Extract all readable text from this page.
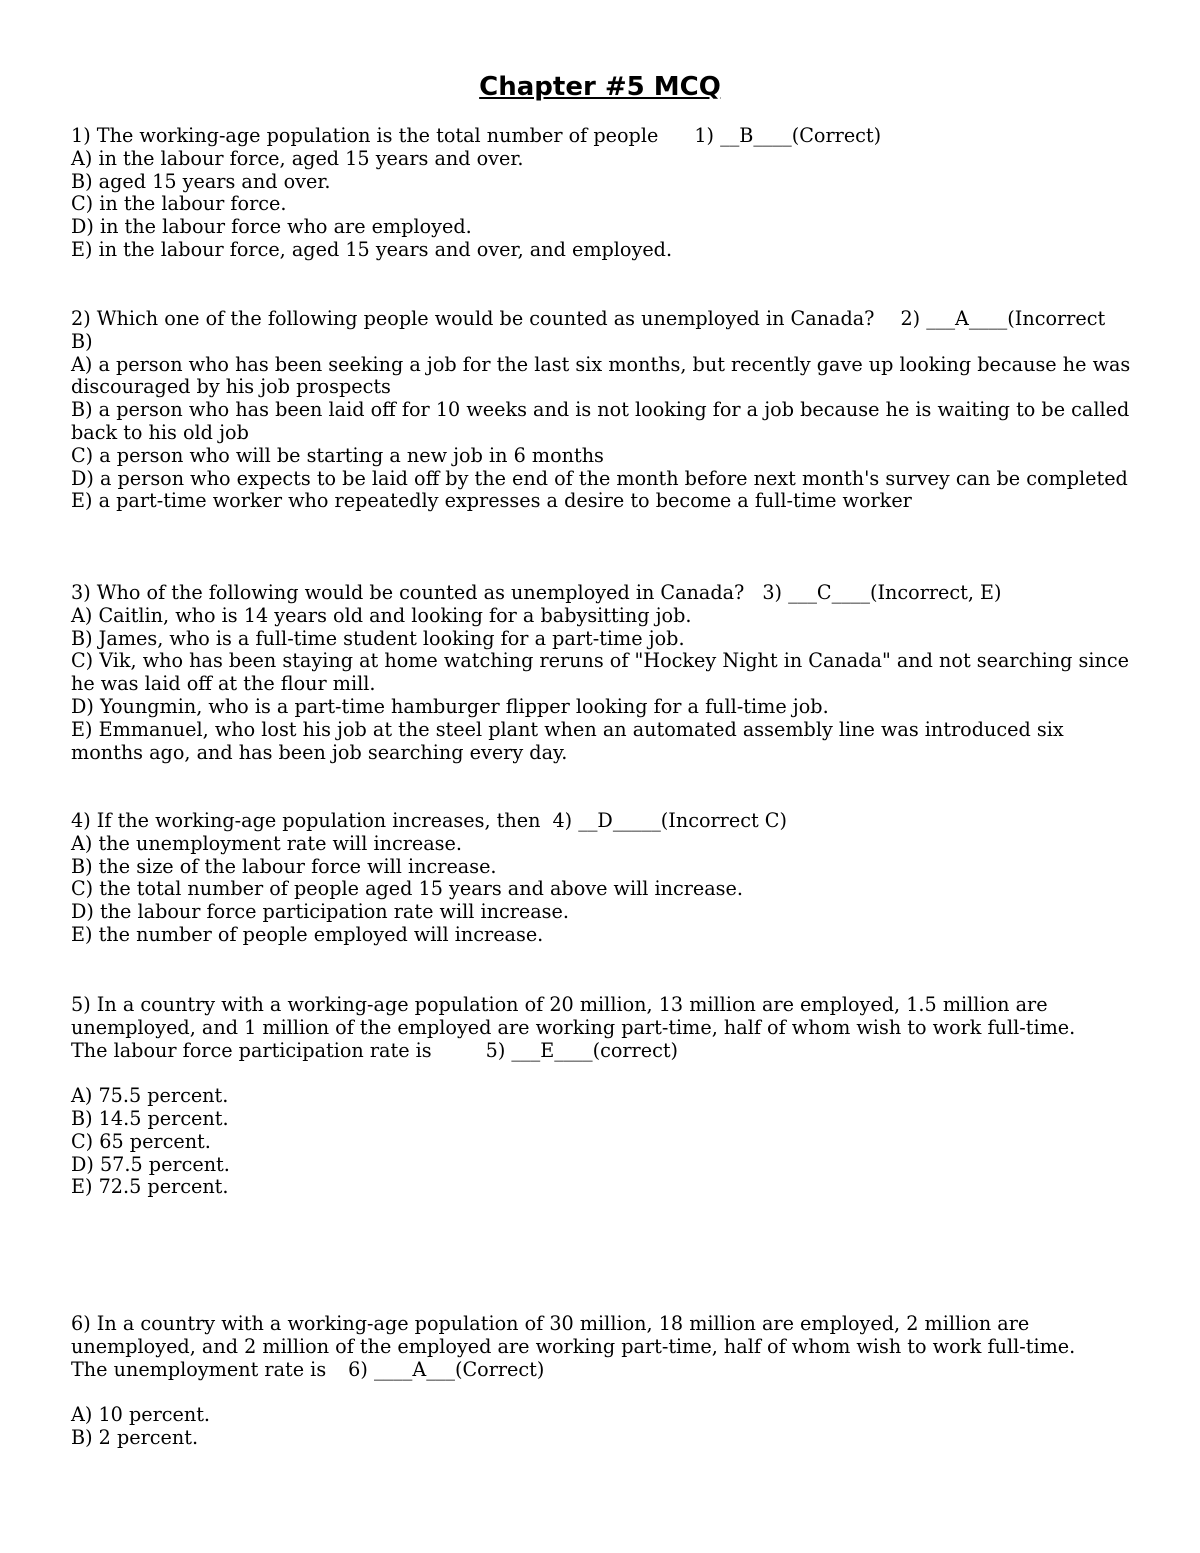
Chapter #5 MCQ
1) The working-age population is the total number of people 1) __B____(Correct)
A) in the labour force, aged 15 years and over.
B) aged 15 years and over.
C) in the labour force.
D) in the labour force who are employed.
E) in the labour force, aged 15 years and over, and employed.
2) Which one of the following people would be counted as unemployed in Canada? 2) ___A____(Incorrect
B)
A) a person who has been seeking a job for the last six months, but recently gave up looking because he was discouraged by his job prospects
B) a person who has been laid off for 10 weeks and is not looking for a job because he is waiting to be called back to his old job
C) a person who will be starting a new job in 6 months
D) a person who expects to be laid off by the end of the month before next month's survey can be completed
E) a part-time worker who repeatedly expresses a desire to become a full-time worker
3) Who of the following would be counted as unemployed in Canada? 3) ___C____(Incorrect, E)
A) Caitlin, who is 14 years old and looking for a babysitting job.
B) James, who is a full-time student looking for a part-time job.
C) Vik, who has been staying at home watching reruns of "Hockey Night in Canada" and not searching since he was laid off at the flour mill.
D) Youngmin, who is a part-time hamburger flipper looking for a full-time job.
E) Emmanuel, who lost his job at the steel plant when an automated assembly line was introduced six months ago, and has been job searching every day.
4) If the working-age population increases, then 4) __D_____(Incorrect C)
A) the unemployment rate will increase.
B) the size of the labour force will increase.
C) the total number of people aged 15 years and above will increase.
D) the labour force participation rate will increase.
E) the number of people employed will increase.
5) In a country with a working-age population of 20 million, 13 million are employed, 1.5 million are
unemployed, and 1 million of the employed are working part-time, half of whom wish to work full-time.
The labour force participation rate is	5) ___E____(correct)
A) 75.5 percent.
B) 14.5 percent.
C) 65 percent.
D) 57.5 percent.
E) 72.5 percent.
6) In a country with a working-age population of 30 million, 18 million are employed, 2 million are
unemployed, and 2 million of the employed are working part-time, half of whom wish to work full-time.
The unemployment rate is 6) ____A___(Correct)
A) 10 percent.
B) 2 percent.
